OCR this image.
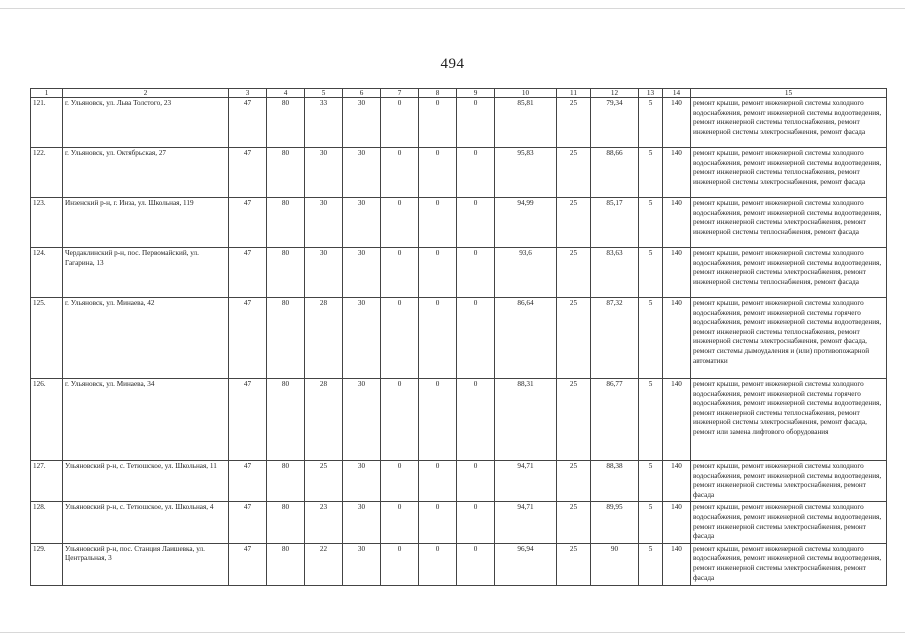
494
1	2	3	4	5	6	7	8	9	10	11	12	13	14	15
121.	г. Ульяновск, ул. Льва Толстого, 23	47	80	33	30	0	0	0	85,81	25	79,34	5	140	ремонт крыши, ремонт инженерной системы холодного водоснабжения, ремонт инженерной системы водоотведения, ремонт инженерной системы теплоснабжения, ремонт инженерной системы электроснабжения, ремонт фасада
122.	г. Ульяновск, ул. Октябрьская, 27	47	80	30	30	0	0	0	95,83	25	88,66	5	140	ремонт крыши, ремонт инженерной системы холодного водоснабжения, ремонт инженерной системы водоотведения, ремонт инженерной системы теплоснабжения, ремонт инженерной системы электроснабжения, ремонт фасада
123.	Инзенский р-н, г. Инза, ул. Школьная, 119	47	80	30	30	0	0	0	94,99	25	85,17	5	140	ремонт крыши, ремонт инженерной системы холодного водоснабжения, ремонт инженерной системы водоотведения, ремонт инженерной системы электроснабжения, ремонт инженерной системы теплоснабжения, ремонт фасада
124.	Чердаклинский р-н, пос. Первомайский, ул. Гагарина, 13	47	80	30	30	0	0	0	93,6	25	83,63	5	140	ремонт крыши, ремонт инженерной системы холодного водоснабжения, ремонт инженерной системы водоотведения, ремонт инженерной системы электроснабжения, ремонт инженерной системы теплоснабжения, ремонт фасада
125.	г. Ульяновск, ул. Минаева, 42	47	80	28	30	0	0	0	86,64	25	87,32	5	140	ремонт крыши, ремонт инженерной системы холодного водоснабжения, ремонт инженерной системы горячего водоснабжения, ремонт инженерной системы водоотведения, ремонт инженерной системы теплоснабжения, ремонт инженерной системы электроснабжения, ремонт фасада, ремонт системы дымоудаления и (или) противопожарной автоматики
126.	г. Ульяновск, ул. Минаева, 34	47	80	28	30	0	0	0	88,31	25	86,77	5	140	ремонт крыши, ремонт инженерной системы холодного водоснабжения, ремонт инженерной системы горячего водоснабжения, ремонт инженерной системы водоотведения, ремонт инженерной системы теплоснабжения, ремонт инженерной системы электроснабжения, ремонт фасада, ремонт или замена лифтового оборудования
127.	Ульяновский р-н, с. Тетюшское, ул. Школьная, 11	47	80	25	30	0	0	0	94,71	25	88,38	5	140	ремонт крыши, ремонт инженерной системы холодного водоснабжения, ремонт инженерной системы водоотведения, ремонт инженерной системы электроснабжения, ремонт фасада
128.	Ульяновский р-н, с. Тетюшское, ул. Школьная, 4	47	80	23	30	0	0	0	94,71	25	89,95	5	140	ремонт крыши, ремонт инженерной системы холодного водоснабжения, ремонт инженерной системы водоотведения, ремонт инженерной системы электроснабжения, ремонт фасада
129.	Ульяновский р-н, пос. Станция Лаишевка, ул. Центральная, 3	47	80	22	30	0	0	0	96,94	25	90	5	140	ремонт крыши, ремонт инженерной системы холодного водоснабжения, ремонт инженерной системы водоотведения, ремонт инженерной системы электроснабжения, ремонт фасада
